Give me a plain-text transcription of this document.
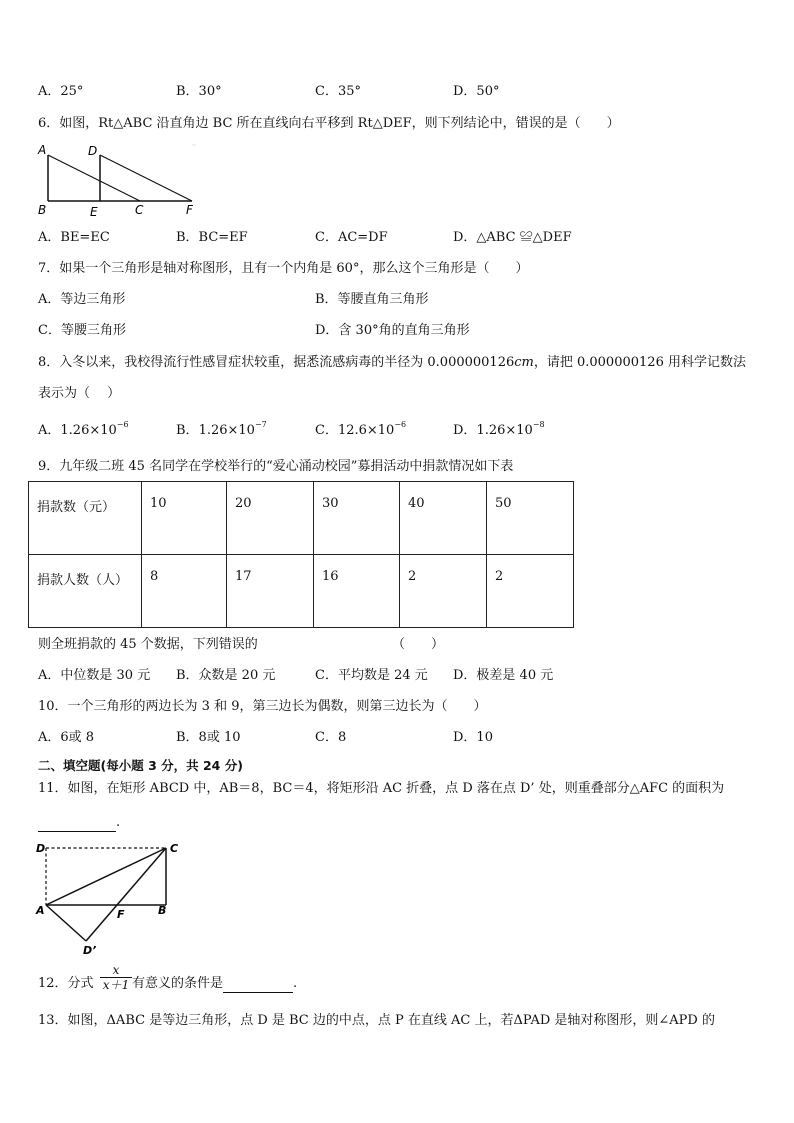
A．25°	B．30°	C．35°	D．50°
6．如图，Rt△ABC 沿直角边 BC 所在直线向右平移到 Rt△DEF，则下列结论中，错误的是（　　）
A	D
B	E	C	F
A．BE=EC	B．BC=EF	C．AC=DF	D．△ABC ≌△DEF
7．如果一个三角形是轴对称图形，且有一个内角是 60°，那么这个三角形是（　　）
A．等边三角形	B．等腰直角三角形
C．等腰三角形	D．含 30°角的直角三角形
8．入冬以来，我校得流行性感冒症状较重，据悉流感病毒的半径为 0.000000126cm，请把 0.000000126 用科学记数法
表示为（　 ）
A．$1.26\times 10^{-6}$	B．$1.26\times 10^{-7}$	C．$12.6\times 10^{-6}$	D．$1.26\times 10^{-8}$
9．九年级二班 45 名同学在学校举行的“爱心涌动校园”募捐活动中捐款情况如下表
捐款数（元）	10	20	30	40	50
捐款人数（人）	8	17	16	2	2
则全班捐款的 45 个数据，下列错误的	（　　）
A．中位数是 30 元 B．众数是 20 元	C．平均数是 24 元 D．极差是 40 元
10．一个三角形的两边长为 3 和 9，第三边长为偶数，则第三边长为（　　）
A．6或 8	B．8或 10	C．8	D．10
二、填空题(每小题 3 分，共 24 分)
11．如图，在矩形 ABCD 中，AB＝8，BC＝4，将矩形沿 AC 折叠，点 D 落在点 D’ 处，则重叠部分△AFC 的面积为
.
D	C
A	B
F
D’
12．分式 $\frac{x}{x+1}$ 有意义的条件是	.
13．如图，ΔABC 是等边三角形，点 D 是 BC 边的中点，点 P 在直线 AC 上，若ΔPAD 是轴对称图形，则∠APD 的
